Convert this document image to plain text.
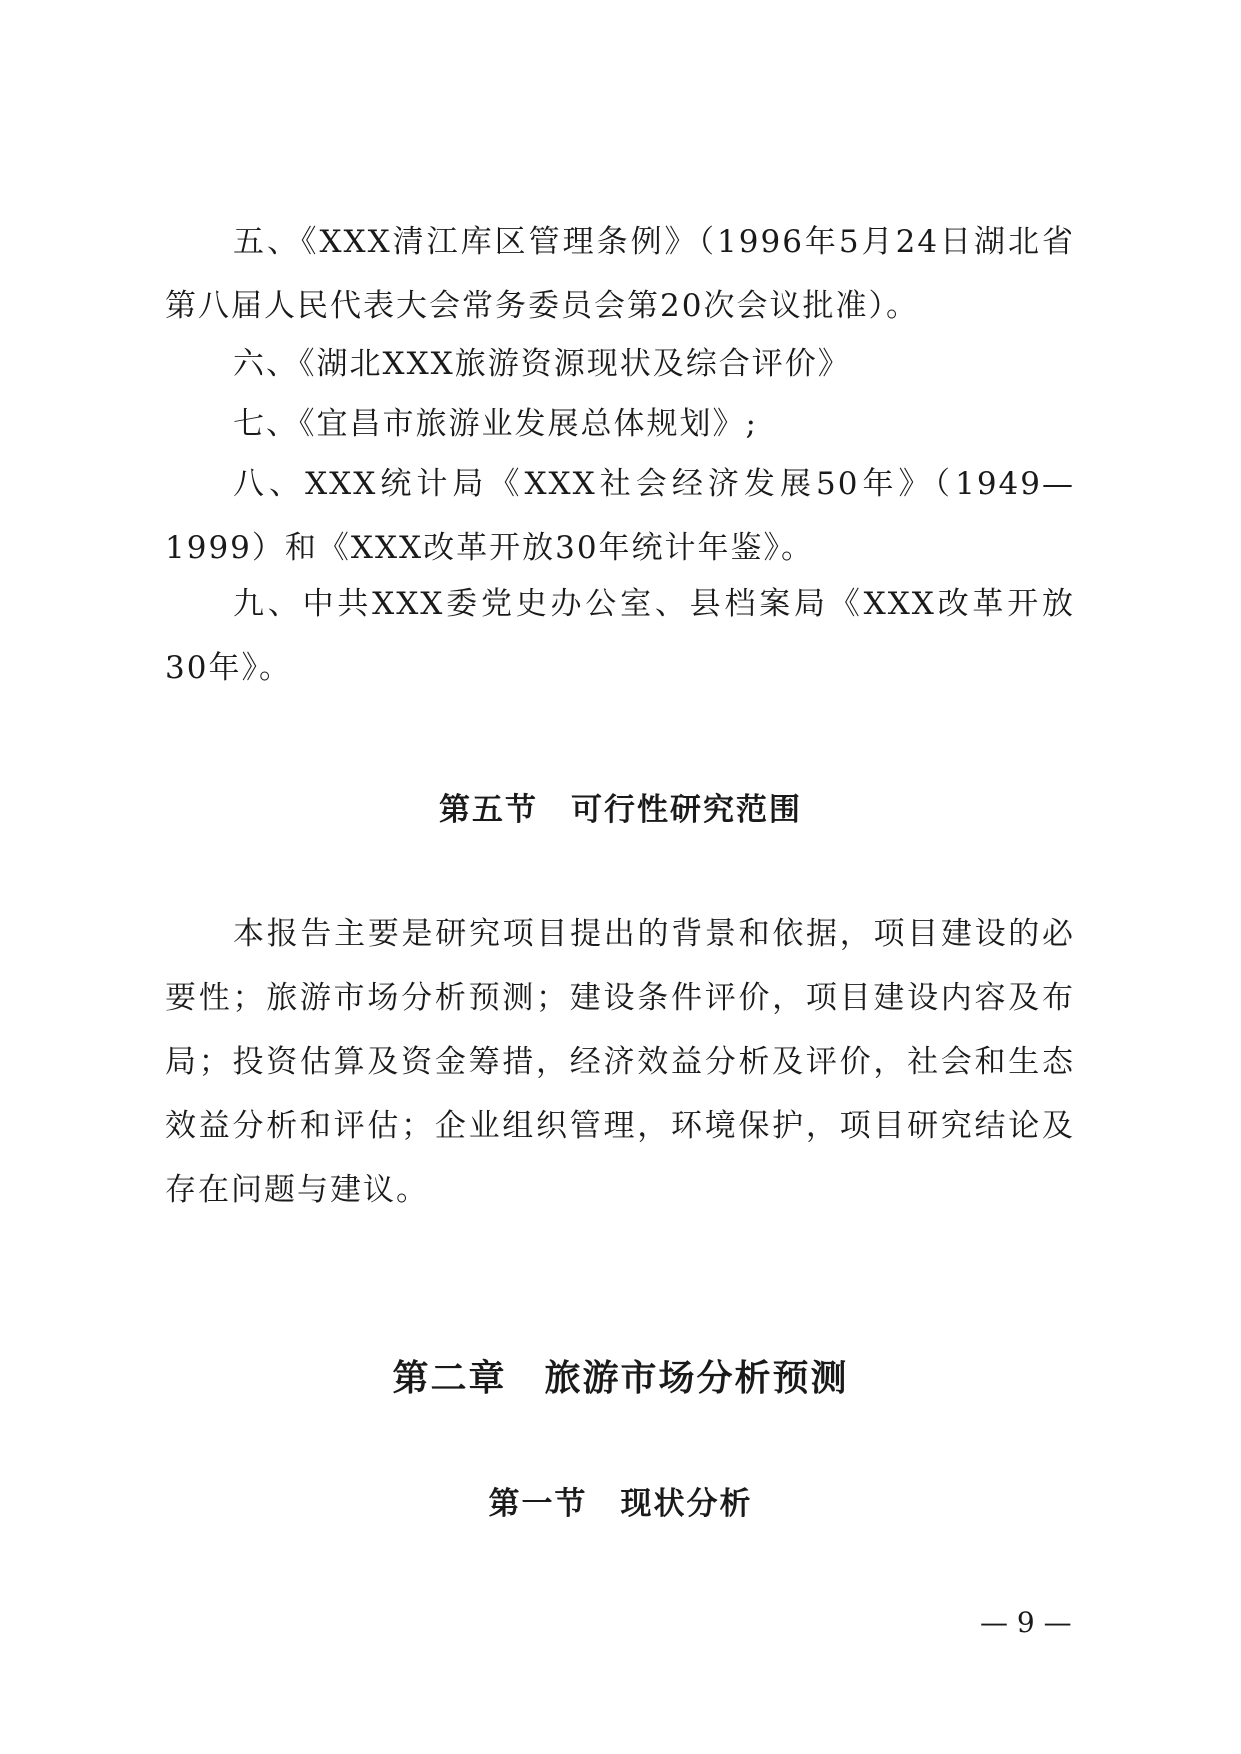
五、《XXX清江库区管理条例》（1996年5月24日湖北省第八届人民代表大会常务委员会第20次会议批准）。

六、《湖北XXX旅游资源现状及综合评价》

七、《宜昌市旅游业发展总体规划》;

八、XXX统计局《XXX社会经济发展50年》（1949—1999）和《XXX改革开放30年统计年鉴》。

九、中共XXX委党史办公室、县档案局《XXX改革开放30年》。

第五节　可行性研究范围

本报告主要是研究项目提出的背景和依据，项目建设的必要性；旅游市场分析预测；建设条件评价，项目建设内容及布局；投资估算及资金筹措，经济效益分析及评价，社会和生态效益分析和评估；企业组织管理，环境保护，项目研究结论及存在问题与建议。

第二章　旅游市场分析预测
第一节　现状分析

— 9 —
